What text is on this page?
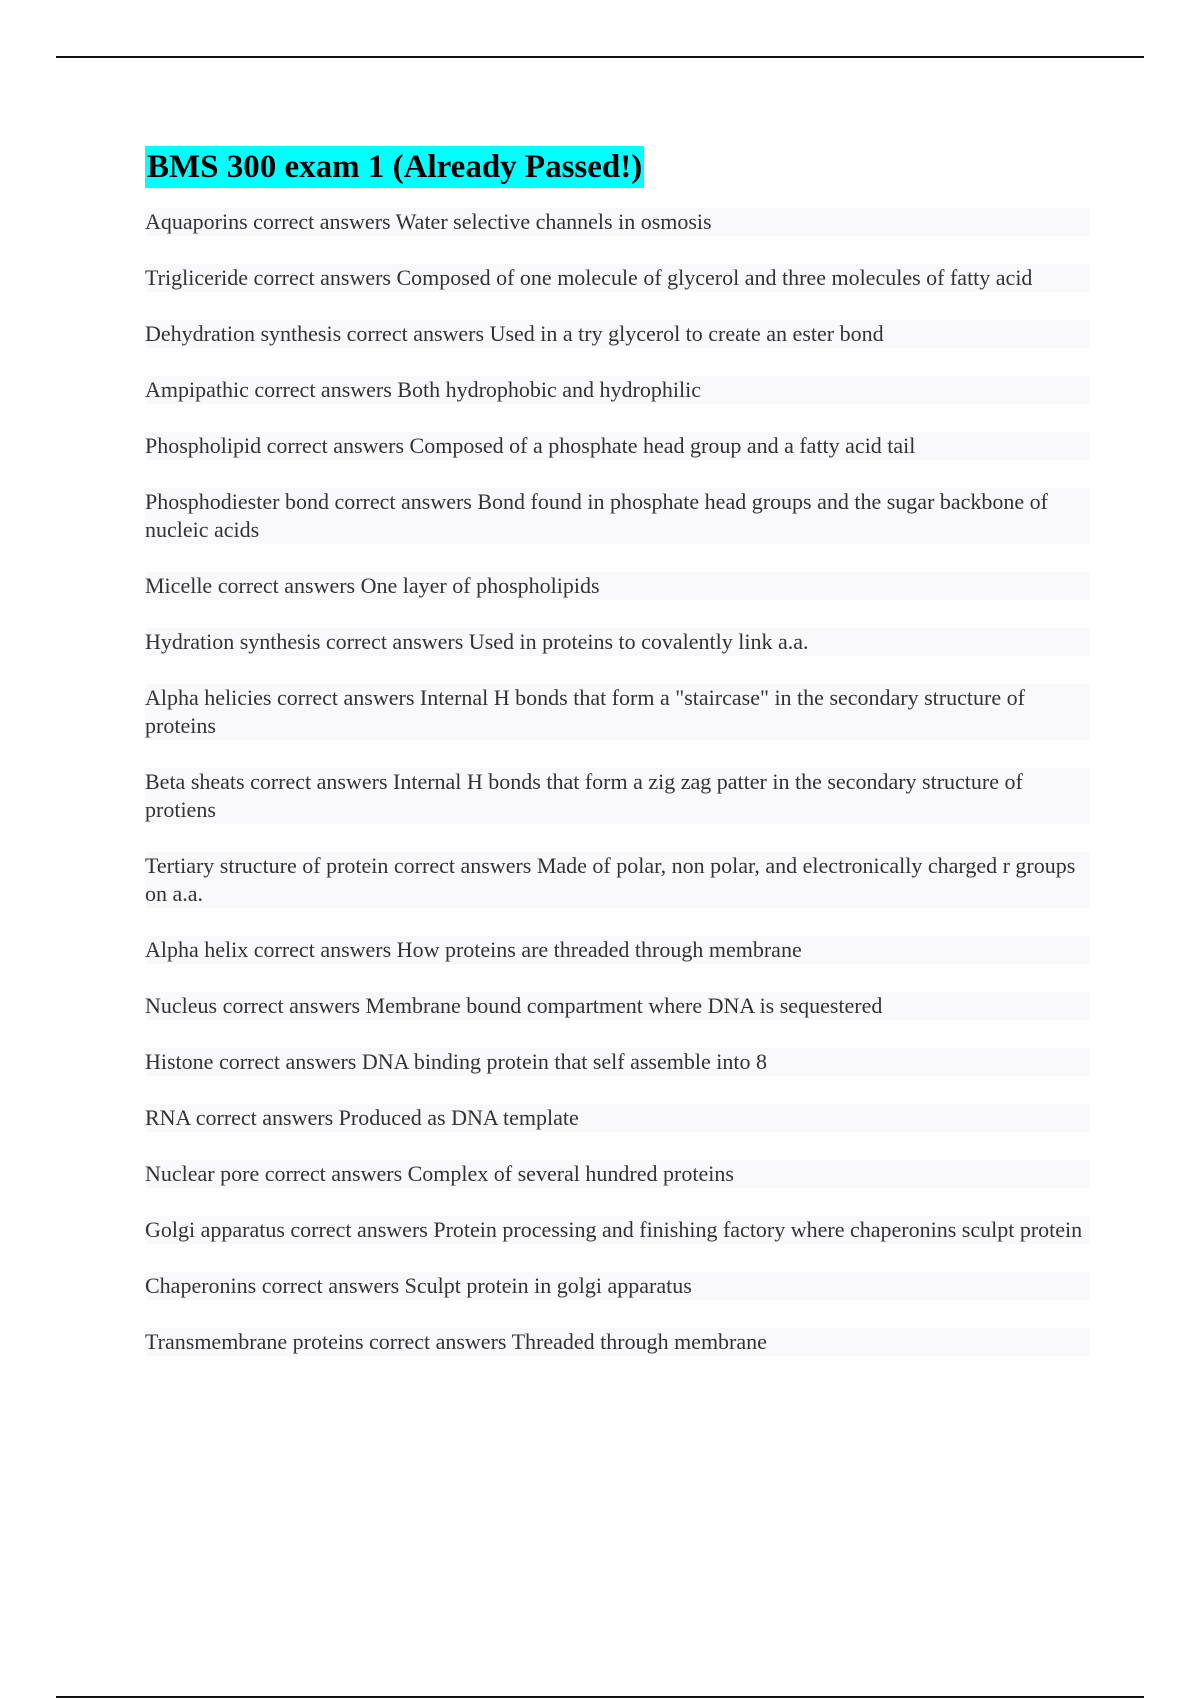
BMS 300 exam 1 (Already Passed!)
Aquaporins correct answers Water selective channels in osmosis
Trigliceride correct answers Composed of one molecule of glycerol and three molecules of fatty acid
Dehydration synthesis correct answers Used in a try glycerol to create an ester bond
Ampipathic correct answers Both hydrophobic and hydrophilic
Phospholipid correct answers Composed of a phosphate head group and a fatty acid tail
Phosphodiester bond correct answers Bond found in phosphate head groups and the sugar backbone of nucleic acids
Micelle correct answers One layer of phospholipids
Hydration synthesis correct answers Used in proteins to covalently link a.a.
Alpha helicies correct answers Internal H bonds that form a "staircase" in the secondary structure of proteins
Beta sheats correct answers Internal H bonds that form a zig zag patter in the secondary structure of protiens
Tertiary structure of protein correct answers Made of polar, non polar, and electronically charged r groups on a.a.
Alpha helix correct answers How proteins are threaded through membrane
Nucleus correct answers Membrane bound compartment where DNA is sequestered
Histone correct answers DNA binding protein that self assemble into 8
RNA correct answers Produced as DNA template
Nuclear pore correct answers Complex of several hundred proteins
Golgi apparatus correct answers Protein processing and finishing factory where chaperonins sculpt protein
Chaperonins correct answers Sculpt protein in golgi apparatus
Transmembrane proteins correct answers Threaded through membrane
